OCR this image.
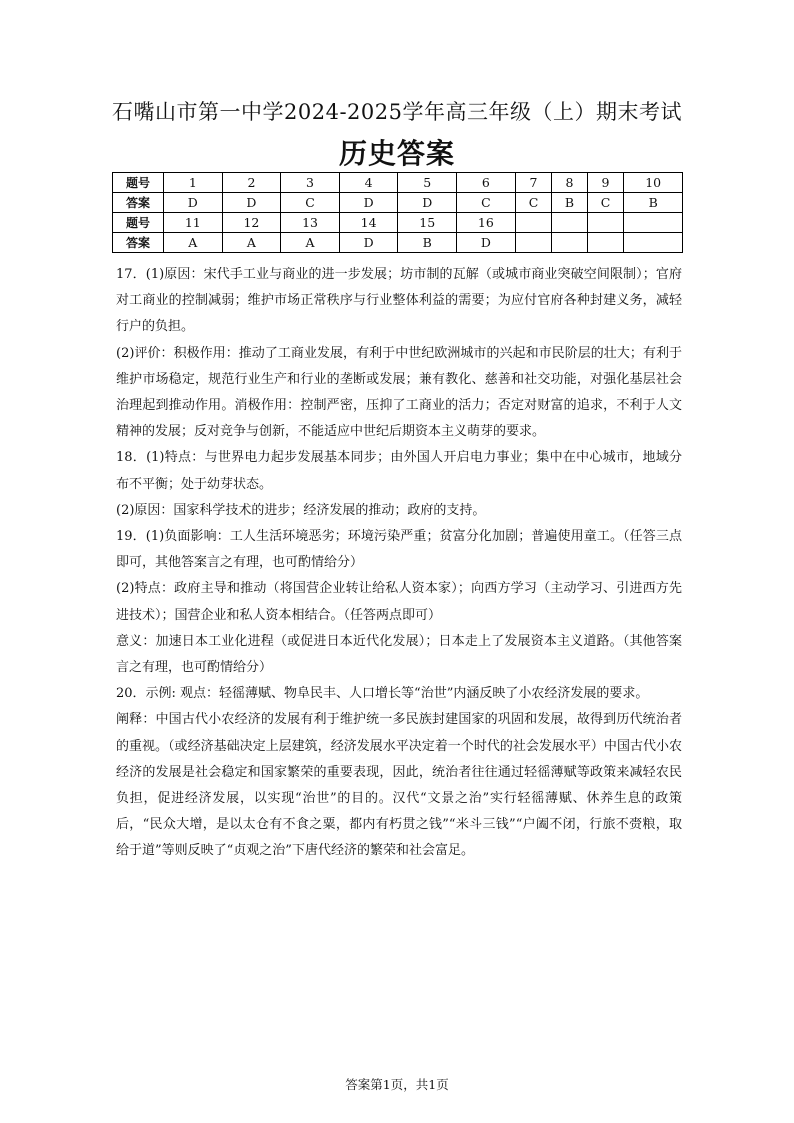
石嘴山市第一中学2024-2025学年高三年级（上）期末考试
历史答案
题号	1	2	3	4	5	6	7	8	9	10
答案	D	D	C	D	D	C	C	B	C	B
题号	11	12	13	14	15	16				
答案	A	A	A	D	B	D				

17．(1)原因：宋代手工业与商业的进一步发展；坊市制的瓦解（或城市商业突破空间限制）；官府对工商业的控制减弱；维护市场正常秩序与行业整体利益的需要；为应付官府各种封建义务，减轻行户的负担。

(2)评价：积极作用：推动了工商业发展，有利于中世纪欧洲城市的兴起和市民阶层的壮大；有利于维护市场稳定，规范行业生产和行业的垄断或发展；兼有教化、慈善和社交功能，对强化基层社会治理起到推动作用。消极作用：控制严密，压抑了工商业的活力；否定对财富的追求，不利于人文精神的发展；反对竞争与创新，不能适应中世纪后期资本主义萌芽的要求。

18．(1)特点：与世界电力起步发展基本同步；由外国人开启电力事业；集中在中心城市，地域分布不平衡；处于幼芽状态。

(2)原因：国家科学技术的进步；经济发展的推动；政府的支持。

19．(1)负面影响：工人生活环境恶劣；环境污染严重；贫富分化加剧；普遍使用童工。（任答三点即可，其他答案言之有理，也可酌情给分）

(2)特点：政府主导和推动（将国营企业转让给私人资本家）；向西方学习（主动学习、引进西方先进技术）；国营企业和私人资本相结合。（任答两点即可）

意义：加速日本工业化进程（或促进日本近代化发展）；日本走上了发展资本主义道路。（其他答案言之有理，也可酌情给分）

20．示例: 观点：轻徭薄赋、物阜民丰、人口增长等“治世”内涵反映了小农经济发展的要求。

阐释：中国古代小农经济的发展有利于维护统一多民族封建国家的巩固和发展，故得到历代统治者的重视。（或经济基础决定上层建筑，经济发展水平决定着一个时代的社会发展水平）中国古代小农经济的发展是社会稳定和国家繁荣的重要表现，因此，统治者往往通过轻徭薄赋等政策来减轻农民负担，促进经济发展，以实现“治世”的目的。汉代“文景之治”实行轻徭薄赋、休养生息的政策后，“民众大增，是以太仓有不食之粟，都内有朽贯之钱”“米斗三钱”“户阖不闭，行旅不赍粮，取给于道”等则反映了“贞观之治”下唐代经济的繁荣和社会富足。

答案第1页，共1页
